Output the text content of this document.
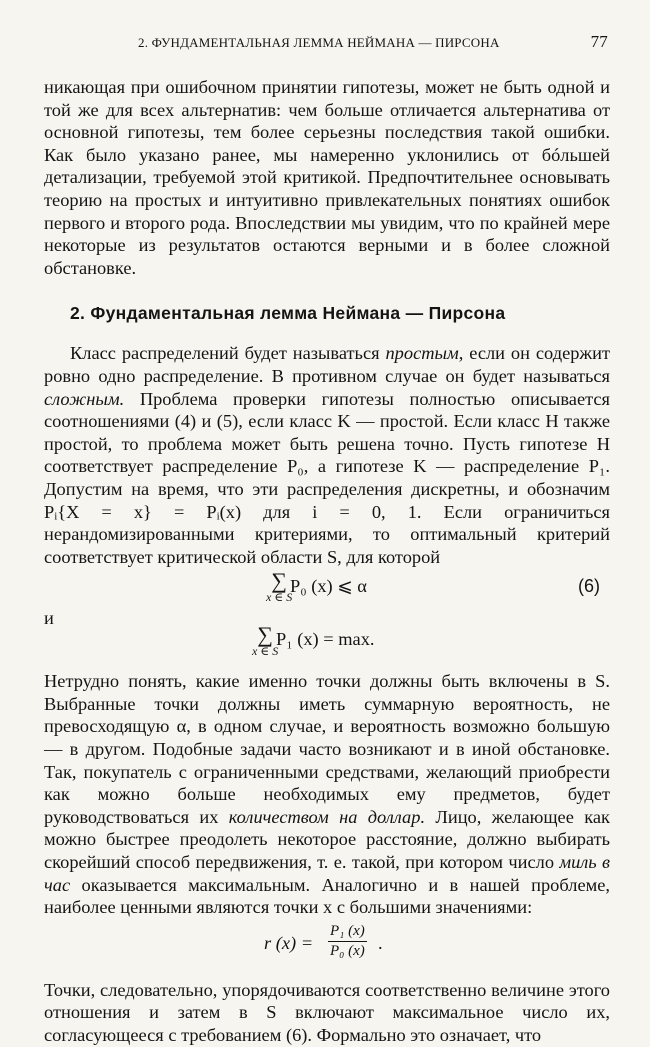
2. ФУНДАМЕНТАЛЬНАЯ ЛЕММА НЕЙМАНА — ПИРСОНА	77

никающая при ошибочном принятии гипотезы, может не быть одной и той же для всех альтернатив: чем больше отличается альтернатива от основной гипотезы, тем более серьезны последствия такой ошибки. Как было указано ранее, мы намеренно уклонились от бóльшей детализации, требуемой этой критикой. Предпочтительнее основывать теорию на простых и интуитивно привлекательных понятиях ошибок первого и второго рода. Впоследствии мы увидим, что по крайней мере некоторые из результатов остаются верными и в более сложной обстановке.

2. Фундаментальная лемма Неймана — Пирсона

Класс распределений будет называться простым, если он содержит ровно одно распределение. В противном случае он будет называться сложным. Проблема проверки гипотезы полностью описывается соотношениями (4) и (5), если класс K — простой. Если класс H также простой, то проблема может быть решена точно. Пусть гипотезе H соответствует распределение P₀, а гипотезе K — распределение P₁. Допустим на время, что эти распределения дискретны, и обозначим Pᵢ{X = x} = Pᵢ(x) для i = 0, 1. Если ограничиться нерандомизированными критериями, то оптимальный критерий соответствует критической области S, для которой

∑
x ∈ S
P₀ (x) ⩽ α	(6)
и
∑
x ∈ S
P₁ (x) = max.

Нетрудно понять, какие именно точки должны быть включены в S. Выбранные точки должны иметь суммарную вероятность, не превосходящую α, в одном случае, и вероятность возможно большую — в другом. Подобные задачи часто возникают и в иной обстановке. Так, покупатель с ограниченными средствами, желающий приобрести как можно больше необходимых ему предметов, будет руководствоваться их количеством на доллар. Лицо, желающее как можно быстрее преодолеть некоторое расстояние, должно выбирать скорейший способ передвижения, т. е. такой, при котором число миль в час оказывается максимальным. Аналогично и в нашей проблеме, наиболее ценными являются точки x с большими значениями:

r $(x) = \frac{\text{P₁ (x)}}{\text{P₀ (x)}}$ .

Точки, следовательно, упорядочиваются соответственно величине этого отношения и затем в S включают максимальное число их, согласующееся с требованием (6). Формально это означает, что
